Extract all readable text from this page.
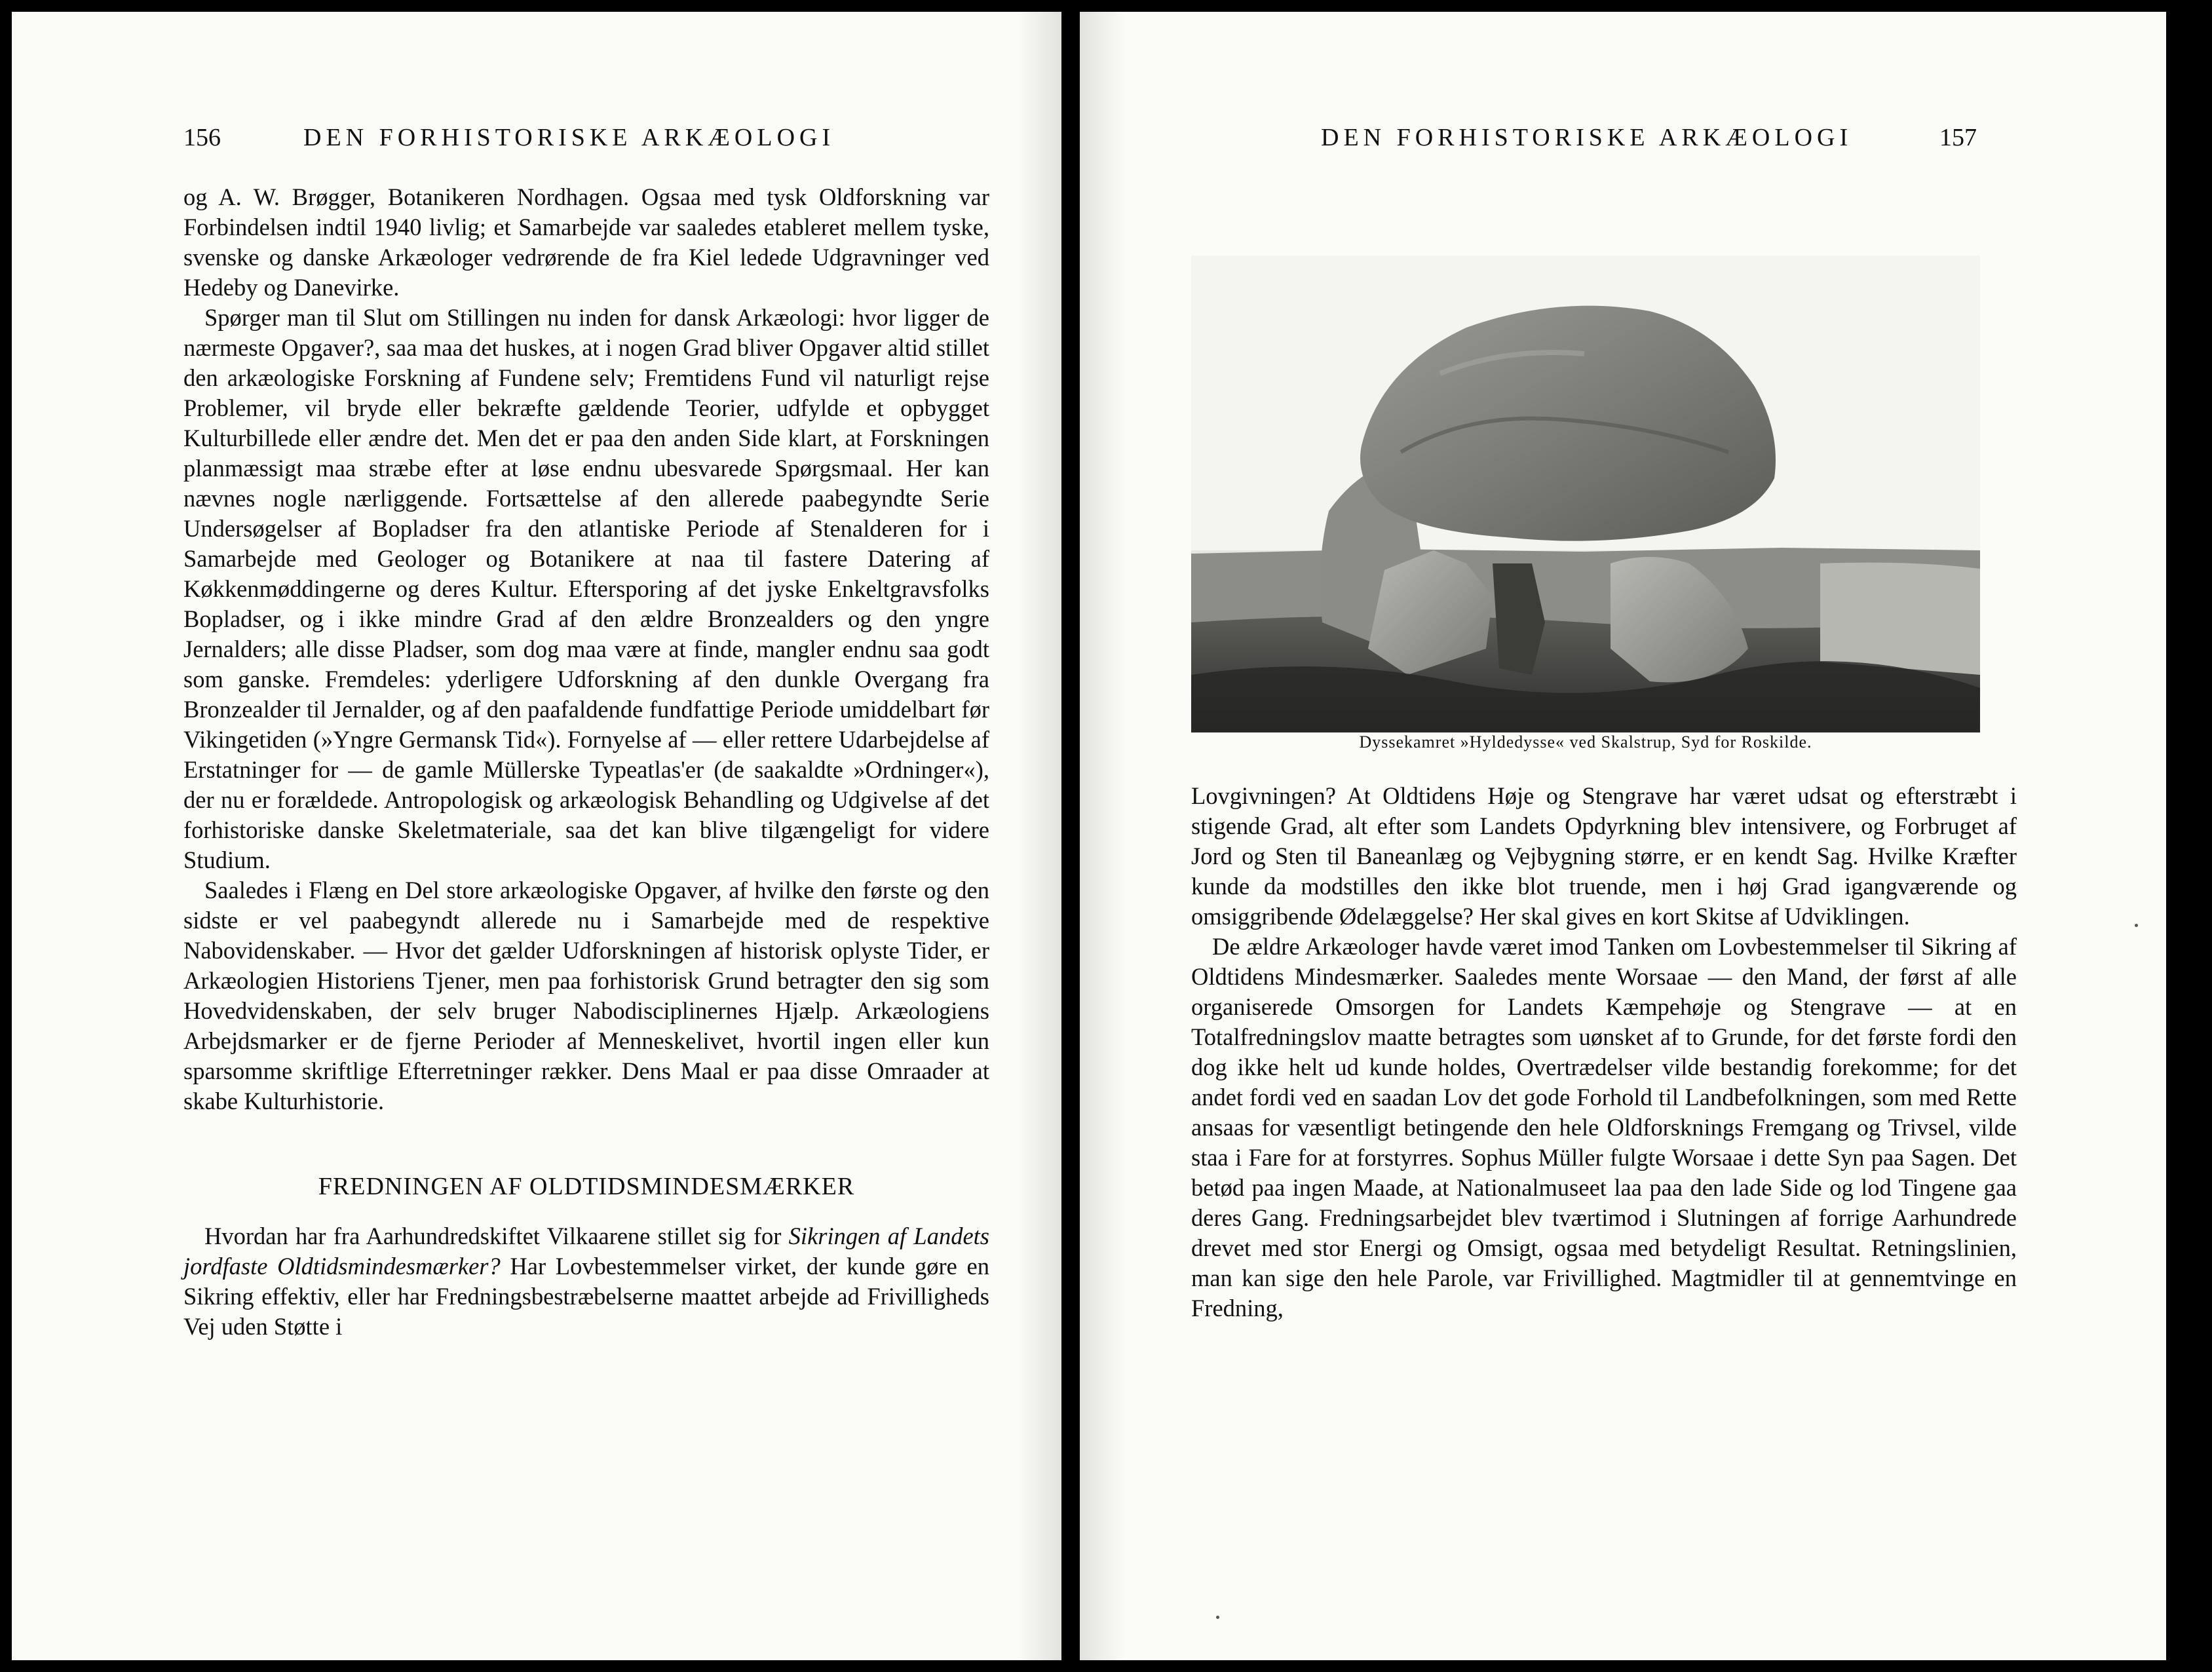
156	DEN FORHISTORISKE ARKÆOLOGI

og A. W. Brøgger, Botanikeren Nordhagen. Ogsaa med tysk Oldforskning var Forbindelsen indtil 1940 livlig; et Samarbejde var saaledes etableret mellem tyske, svenske og danske Arkæologer vedrørende de fra Kiel ledede Udgravninger ved Hedeby og Danevirke.

Spørger man til Slut om Stillingen nu inden for dansk Arkæologi: hvor ligger de nærmeste Opgaver?, saa maa det huskes, at i nogen Grad bliver Opgaver altid stillet den arkæologiske Forskning af Fundene selv; Fremtidens Fund vil naturligt rejse Problemer, vil bryde eller bekræfte gældende Teorier, udfylde et opbygget Kulturbillede eller ændre det. Men det er paa den anden Side klart, at Forskningen planmæssigt maa stræbe efter at løse endnu ubesvarede Spørgsmaal. Her kan nævnes nogle nærliggende. Fortsættelse af den allerede paabegyndte Serie Undersøgelser af Bopladser fra den atlantiske Periode af Stenalderen for i Samarbejde med Geologer og Botanikere at naa til fastere Datering af Køkkenmøddingerne og deres Kultur. Eftersporing af det jyske Enkeltgravsfolks Bopladser, og i ikke mindre Grad af den ældre Bronzealders og den yngre Jernalders; alle disse Pladser, som dog maa være at finde, mangler endnu saa godt som ganske. Fremdeles: yderligere Udforskning af den dunkle Overgang fra Bronzealder til Jernalder, og af den paafaldende fundfattige Periode umiddelbart før Vikingetiden (»Yngre Germansk Tid«). Fornyelse af — eller rettere Udarbejdelse af Erstatninger for — de gamle Müllerske Typeatlas'er (de saakaldte »Ordninger«), der nu er forældede. Antropologisk og arkæologisk Behandling og Udgivelse af det forhistoriske danske Skeletmateriale, saa det kan blive tilgængeligt for videre Studium.

Saaledes i Flæng en Del store arkæologiske Opgaver, af hvilke den første og den sidste er vel paabegyndt allerede nu i Samarbejde med de respektive Nabovidenskaber. — Hvor det gælder Udforskningen af historisk oplyste Tider, er Arkæologien Historiens Tjener, men paa forhistorisk Grund betragter den sig som Hovedvidenskaben, der selv bruger Nabodisciplinernes Hjælp. Arkæologiens Arbejdsmarker er de fjerne Perioder af Menneskelivet, hvortil ingen eller kun sparsomme skriftlige Efterretninger rækker. Dens Maal er paa disse Omraader at skabe Kulturhistorie.

FREDNINGEN AF OLDTIDSMINDESMÆRKER

Hvordan har fra Aarhundredskiftet Vilkaarene stillet sig for Sikringen af Landets jordfaste Oldtidsmindesmærker? Har Lovbestemmelser virket, der kunde gøre en Sikring effektiv, eller har Fredningsbestræbelserne maattet arbejde ad Frivilligheds Vej uden Støtte i

DEN FORHISTORISKE ARKÆOLOGI	157
Dyssekamret »Hyldedysse« ved Skalstrup, Syd for Roskilde.

Lovgivningen? At Oldtidens Høje og Stengrave har været udsat og efterstræbt i stigende Grad, alt efter som Landets Opdyrkning blev intensivere, og Forbruget af Jord og Sten til Baneanlæg og Vejbygning større, er en kendt Sag. Hvilke Kræfter kunde da modstilles den ikke blot truende, men i høj Grad igangværende og omsiggribende Ødelæggelse? Her skal gives en kort Skitse af Udviklingen.

De ældre Arkæologer havde været imod Tanken om Lovbestemmelser til Sikring af Oldtidens Mindesmærker. Saaledes mente Worsaae — den Mand, der først af alle organiserede Omsorgen for Landets Kæmpehøje og Stengrave — at en Totalfredningslov maatte betragtes som uønsket af to Grunde, for det første fordi den dog ikke helt ud kunde holdes, Overtrædelser vilde bestandig forekomme; for det andet fordi ved en saadan Lov det gode Forhold til Landbefolkningen, som med Rette ansaas for væsentligt betingende den hele Oldforsknings Fremgang og Trivsel, vilde staa i Fare for at forstyrres. Sophus Müller fulgte Worsaae i dette Syn paa Sagen. Det betød paa ingen Maade, at Nationalmuseet laa paa den lade Side og lod Tingene gaa deres Gang. Fredningsarbejdet blev tværtimod i Slutningen af forrige Aarhundrede drevet med stor Energi og Omsigt, ogsaa med betydeligt Resultat. Retningslinien, man kan sige den hele Parole, var Frivillighed. Magtmidler til at gennemtvinge en Fredning,
